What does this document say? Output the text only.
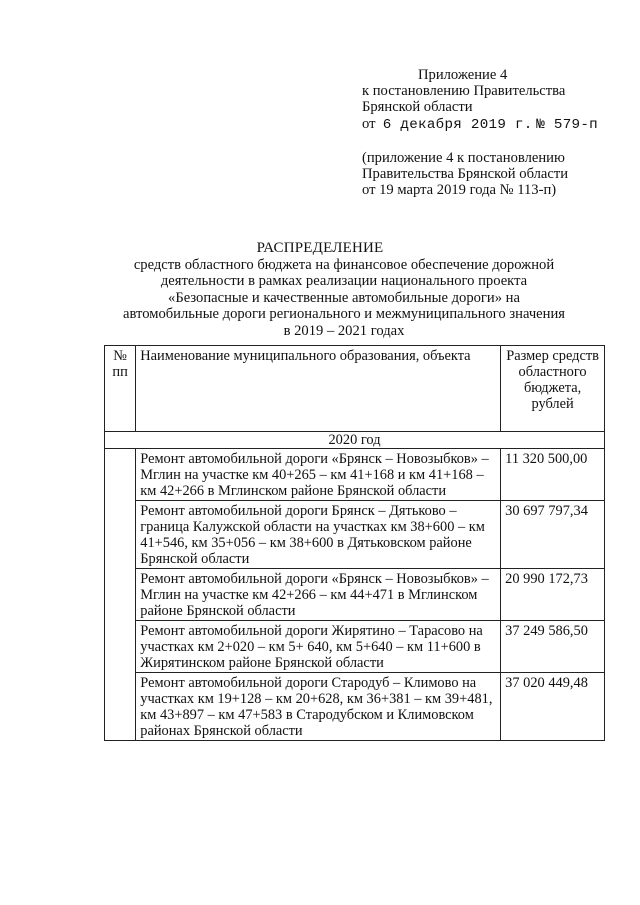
Приложение 4
к постановлению Правительства
Брянской области
от 6 декабря 2019 г. № 579-п
(приложение 4 к постановлению
Правительства Брянской области
от 19 марта 2019 года № 113-п)
РАСПРЕДЕЛЕНИЕ
средств областного бюджета на финансовое обеспечение дорожной деятельности в рамках реализации национального проекта «Безопасные и качественные автомобильные дороги» на автомобильные дороги регионального и межмуниципального значения в 2019 – 2021 годах
№ пп	Наименование муниципального образования, объекта	Размер средств областного бюджета, рублей
2020 год		
	Ремонт автомобильной дороги «Брянск – Новозыбков» – Мглин на участке км 40+265 – км 41+168 и км 41+168 – км 42+266 в Мглинском районе Брянской области	11 320 500,00
	Ремонт автомобильной дороги Брянск – Дятьково – граница Калужской области на участках км 38+600 – км 41+546, км 35+056 – км 38+600 в Дятьковском районе Брянской области	30 697 797,34
	Ремонт автомобильной дороги «Брянск – Новозыбков» – Мглин на участке км 42+266 – км 44+471 в Мглинском районе Брянской области	20 990 172,73
	Ремонт автомобильной дороги Жирятино – Тарасово на участках км 2+020 – км 5+ 640, км 5+640 – км 11+600 в Жирятинском районе Брянской области	37 249 586,50
	Ремонт автомобильной дороги Стародуб – Климово на участках км 19+128 – км 20+628, км 36+381 – км 39+481, км 43+897 – км 47+583 в Стародубском и Климовском районах Брянской области	37 020 449,48
